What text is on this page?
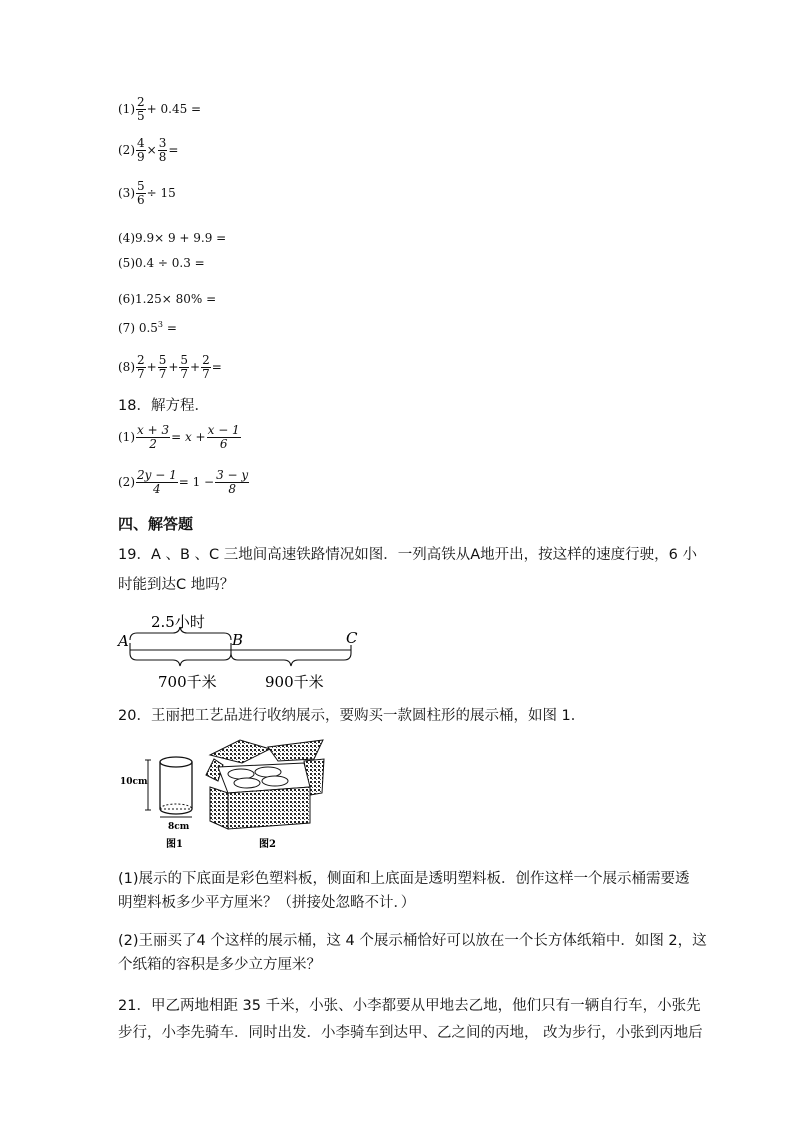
$(1) \frac{2}{5} + 0.45$ =
$(2) \frac{4}{9} \times \frac{3}{8}$ =
$(3) \frac{5}{6} \div 15$
(4)9.9× 9 + 9.9 =
(5)0.4 ÷ 0.3 =
(6)1.25× 80% =
(7) $0.5^3$ =
$(8) \frac{2}{7} + \frac{5}{7} + \frac{5}{7} + \frac{2}{7}$ =
18．解方程．
$(1) \frac{x + 3}{2} = x + \frac{x - 1}{6}$
$(2) \frac{2y - 1}{4} = 1 - \frac{3 - y}{8}$
四、解答题
19．A 、B 、C 三地间高速铁路情况如图．一列高铁从A地开出，按这样的速度行驶，6 小
时能到达C 地吗？
2.5小时
A	B	C
700千米	900千米
20．王丽把工艺品进行收纳展示，要购买一款圆柱形的展示桶，如图 1．
10cm
8cm
图1	图2
(1)展示的下底面是彩色塑料板，侧面和上底面是透明塑料板．创作这样一个展示桶需要透
明塑料板多少平方厘米？（拼接处忽略不计．）
(2)王丽买了4 个这样的展示桶，这 4 个展示桶恰好可以放在一个长方体纸箱中．如图 2，这
个纸箱的容积是多少立方厘米？
21．甲乙两地相距 35 千米，小张、小李都要从甲地去乙地，他们只有一辆自行车，小张先
步行，小李先骑车．同时出发．小李骑车到达甲、乙之间的丙地， 改为步行，小张到丙地后
